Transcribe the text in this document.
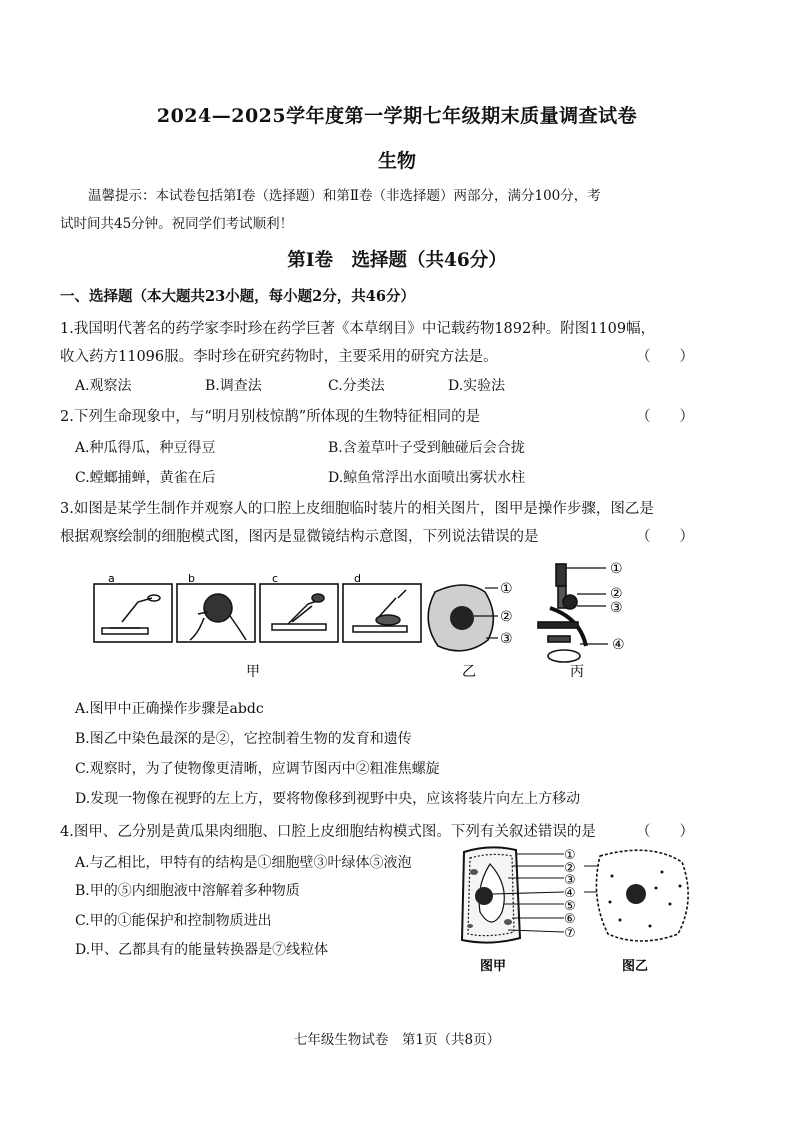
2024—2025学年度第一学期七年级期末质量调查试卷
生物
温馨提示：本试卷包括第Ⅰ卷（选择题）和第Ⅱ卷（非选择题）两部分，满分100分，考
试时间共45分钟。祝同学们考试顺利！
第Ⅰ卷　选择题（共46分）
一、选择题（本大题共23小题，每小题2分，共46分）
1.我国明代著名的药学家李时珍在药学巨著《本草纲目》中记载药物1892种。附图1109幅，
收入药方11096服。李时珍在研究药物时，主要采用的研究方法是。	（　　）
A.观察法	B.调查法	C.分类法	D.实验法
2.下列生命现象中，与“明月别枝惊鹊”所体现的生物特征相同的是	（　　）
A.种瓜得瓜，种豆得豆	B.含羞草叶子受到触碰后会合拢
C.螳螂捕蝉，黄雀在后	D.鲸鱼常浮出水面喷出雾状水柱
3.如图是某学生制作并观察人的口腔上皮细胞临时装片的相关图片，图甲是操作步骤，图乙是
根据观察绘制的细胞模式图，图丙是显微镜结构示意图，下列说法错误的是	（　　）
a	b	c	d
甲
①
②
③
乙
①
②
③
④
丙
A.图甲中正确操作步骤是abdc
B.图乙中染色最深的是②，它控制着生物的发育和遗传
C.观察时，为了使物像更清晰，应调节图丙中②粗准焦螺旋
D.发现一物像在视野的左上方，要将物像移到视野中央，应该将装片向左上方移动
4.图甲、乙分别是黄瓜果肉细胞、口腔上皮细胞结构模式图。下列有关叙述错误的是	（　　）
A.与乙相比，甲特有的结构是①细胞壁③叶绿体⑤液泡
B.甲的⑤内细胞液中溶解着多种物质
C.甲的①能保护和控制物质进出
D.甲、乙都具有的能量转换器是⑦线粒体
①
②
③
④
⑤
⑥
⑦
图甲	图乙
七年级生物试卷　第1页（共8页）
